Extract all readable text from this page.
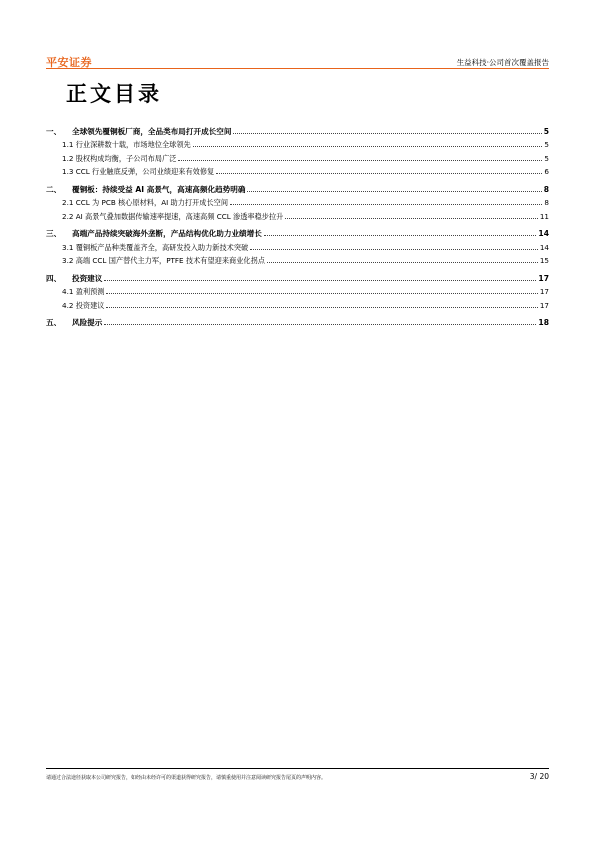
平安证券	生益科技·公司首次覆盖报告
正文目录
一、 全球领先覆铜板厂商，全品类布局打开成长空间	5
1.1 行业深耕数十载，市场地位全球领先	5
1.2 股权构成均衡，子公司布局广泛	5
1.3 CCL 行业触底反弹，公司业绩迎来有效修复	6
二、 覆铜板：持续受益 AI 高景气，高速高频化趋势明确	8
2.1 CCL 为 PCB 核心原材料，AI 助力打开成长空间	8
2.2 AI 高景气叠加数据传输速率提速，高速高频 CCL 渗透率稳步拉升	11
三、 高端产品持续突破海外垄断，产品结构优化助力业绩增长	14
3.1 覆铜板产品种类覆盖齐全，高研发投入助力新技术突破	14
3.2 高端 CCL 国产替代主力军，PTFE 技术有望迎来商业化拐点	15
四、 投资建议	17
4.1 盈利预测	17
4.2 投资建议	17
五、 风险提示	18
请通过合法途径获取本公司研究报告，如经由未经许可的渠道获得研究报告，请慎重使用并注意阅读研究报告尾页的声明内容。	3/ 20
